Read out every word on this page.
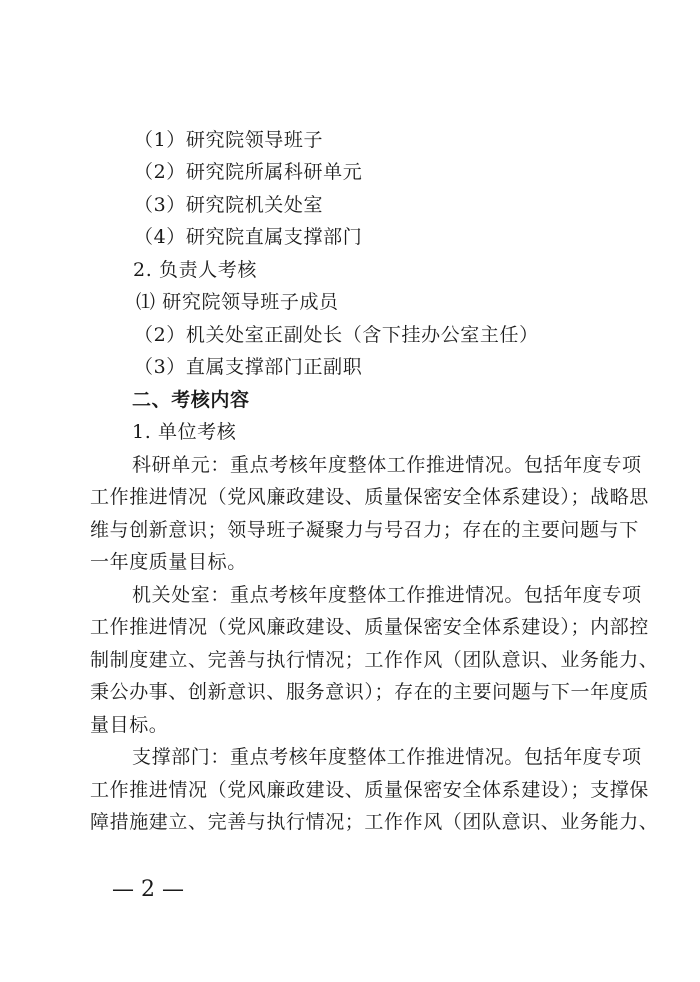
（1）研究院领导班子
（2）研究院所属科研单元
（3）研究院机关处室
（4）研究院直属支撑部门
2. 负责人考核
⑴ 研究院领导班子成员
（2）机关处室正副处长（含下挂办公室主任）
（3）直属支撑部门正副职
二、考核内容
1. 单位考核
科研单元：重点考核年度整体工作推进情况。包括年度专项
工作推进情况（党风廉政建设、质量保密安全体系建设）；战略思
维与创新意识；领导班子凝聚力与号召力；存在的主要问题与下
一年度质量目标。
机关处室：重点考核年度整体工作推进情况。包括年度专项
工作推进情况（党风廉政建设、质量保密安全体系建设）；内部控
制制度建立、完善与执行情况；工作作风（团队意识、业务能力、
秉公办事、创新意识、服务意识）；存在的主要问题与下一年度质
量目标。
支撑部门：重点考核年度整体工作推进情况。包括年度专项
工作推进情况（党风廉政建设、质量保密安全体系建设）；支撑保
障措施建立、完善与执行情况；工作作风（团队意识、业务能力、
— 2 —
